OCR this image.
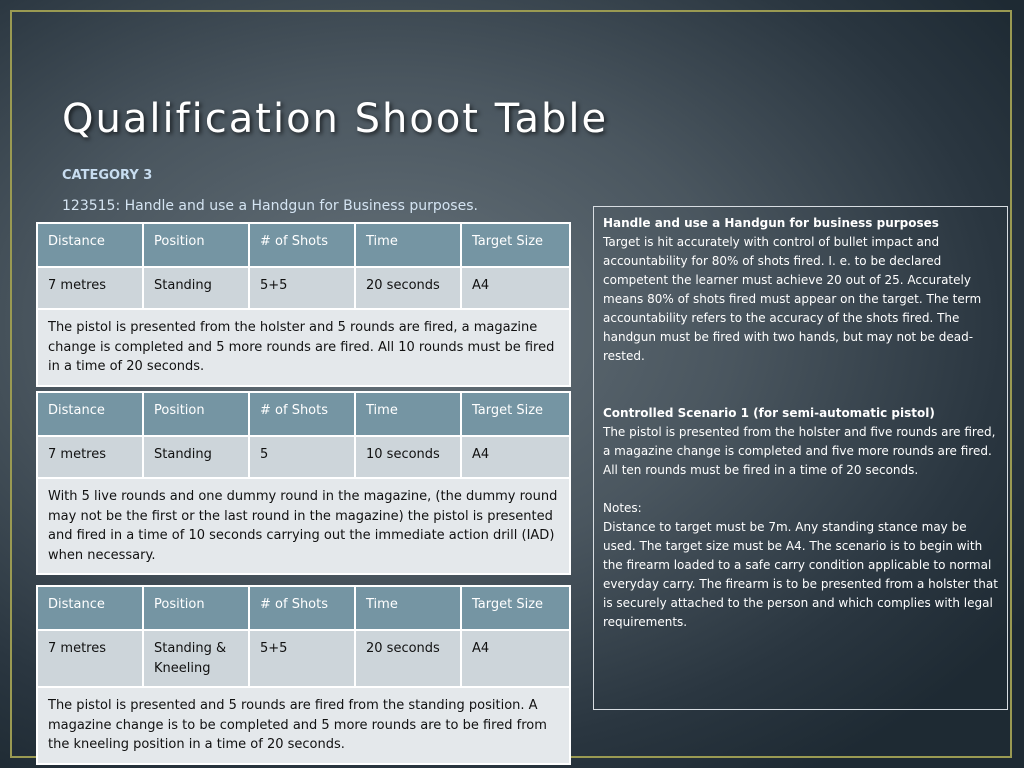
Qualification Shoot Table
CATEGORY 3
123515: Handle and use a Handgun for Business purposes.
Distance	Position	# of Shots	Time	Target Size
7 metres	Standing	5+5	20 seconds	A4
The pistol is presented from the holster and 5 rounds are fired, a magazine change is completed and 5 more rounds are fired. All 10 rounds must be fired in a time of 20 seconds.				
Distance	Position	# of Shots	Time	Target Size
7 metres	Standing	5	10 seconds	A4
With 5 live rounds and one dummy round in the magazine, (the dummy round may not be the first or the last round in the magazine) the pistol is presented and fired in a time of 10 seconds carrying out the immediate action drill (IAD) when necessary.				
Distance	Position	# of Shots	Time	Target Size
7 metres	Standing & Kneeling	5+5	20 seconds	A4
The pistol is presented and 5 rounds are fired from the standing position. A magazine change is to be completed and 5 more rounds are to be fired from the kneeling position in a time of 20 seconds.				

Handle and use a Handgun for business purposes

Target is hit accurately with control of bullet impact and accountability for 80% of shots fired. I. e. to be declared competent the learner must achieve 20 out of 25. Accurately means 80% of shots fired must appear on the target. The term accountability refers to the accuracy of the shots fired. The handgun must be fired with two hands, but may not be dead-rested.

Controlled Scenario 1 (for semi-automatic pistol)

The pistol is presented from the holster and five rounds are fired, a magazine change is completed and five more rounds are fired. All ten rounds must be fired in a time of 20 seconds.

Notes:

Distance to target must be 7m. Any standing stance may be used. The target size must be A4. The scenario is to begin with the firearm loaded to a safe carry condition applicable to normal everyday carry. The firearm is to be presented from a holster that is securely attached to the person and which complies with legal requirements.
